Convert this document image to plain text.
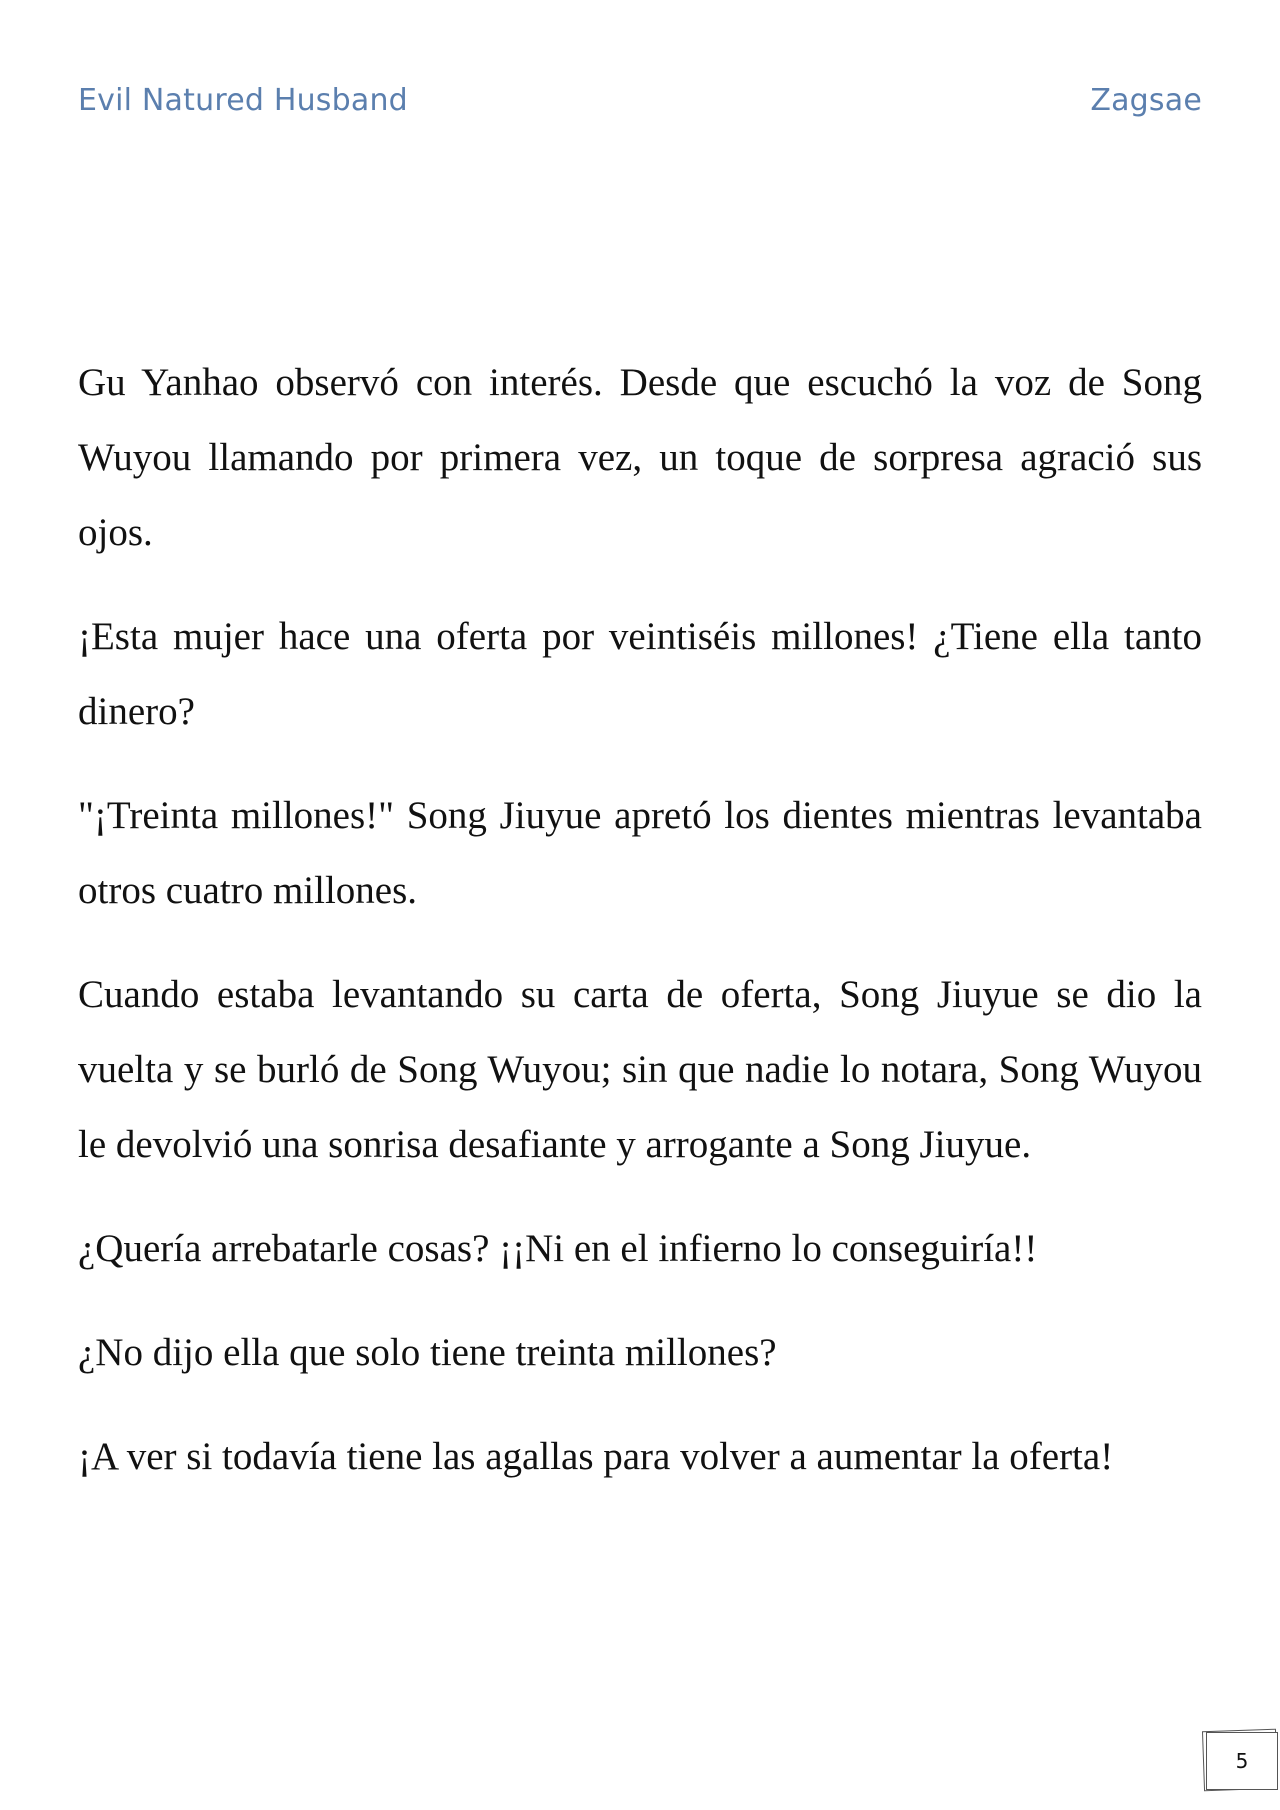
Evil Natured Husband	Zagsae

Gu Yanhao observó con interés. Desde que escuchó la voz de Song Wuyou llamando por primera vez, un toque de sorpresa agració sus ojos.

¡Esta mujer hace una oferta por veintiséis millones! ¿Tiene ella tanto dinero?

"¡Treinta millones!" Song Jiuyue apretó los dientes mientras levantaba otros cuatro millones.

Cuando estaba levantando su carta de oferta, Song Jiuyue se dio la vuelta y se burló de Song Wuyou; sin que nadie lo notara, Song Wuyou le devolvió una sonrisa desafiante y arrogante a Song Jiuyue.

¿Quería arrebatarle cosas? ¡¡Ni en el infierno lo conseguiría!!

¿No dijo ella que solo tiene treinta millones?

¡A ver si todavía tiene las agallas para volver a aumentar la oferta!

5
